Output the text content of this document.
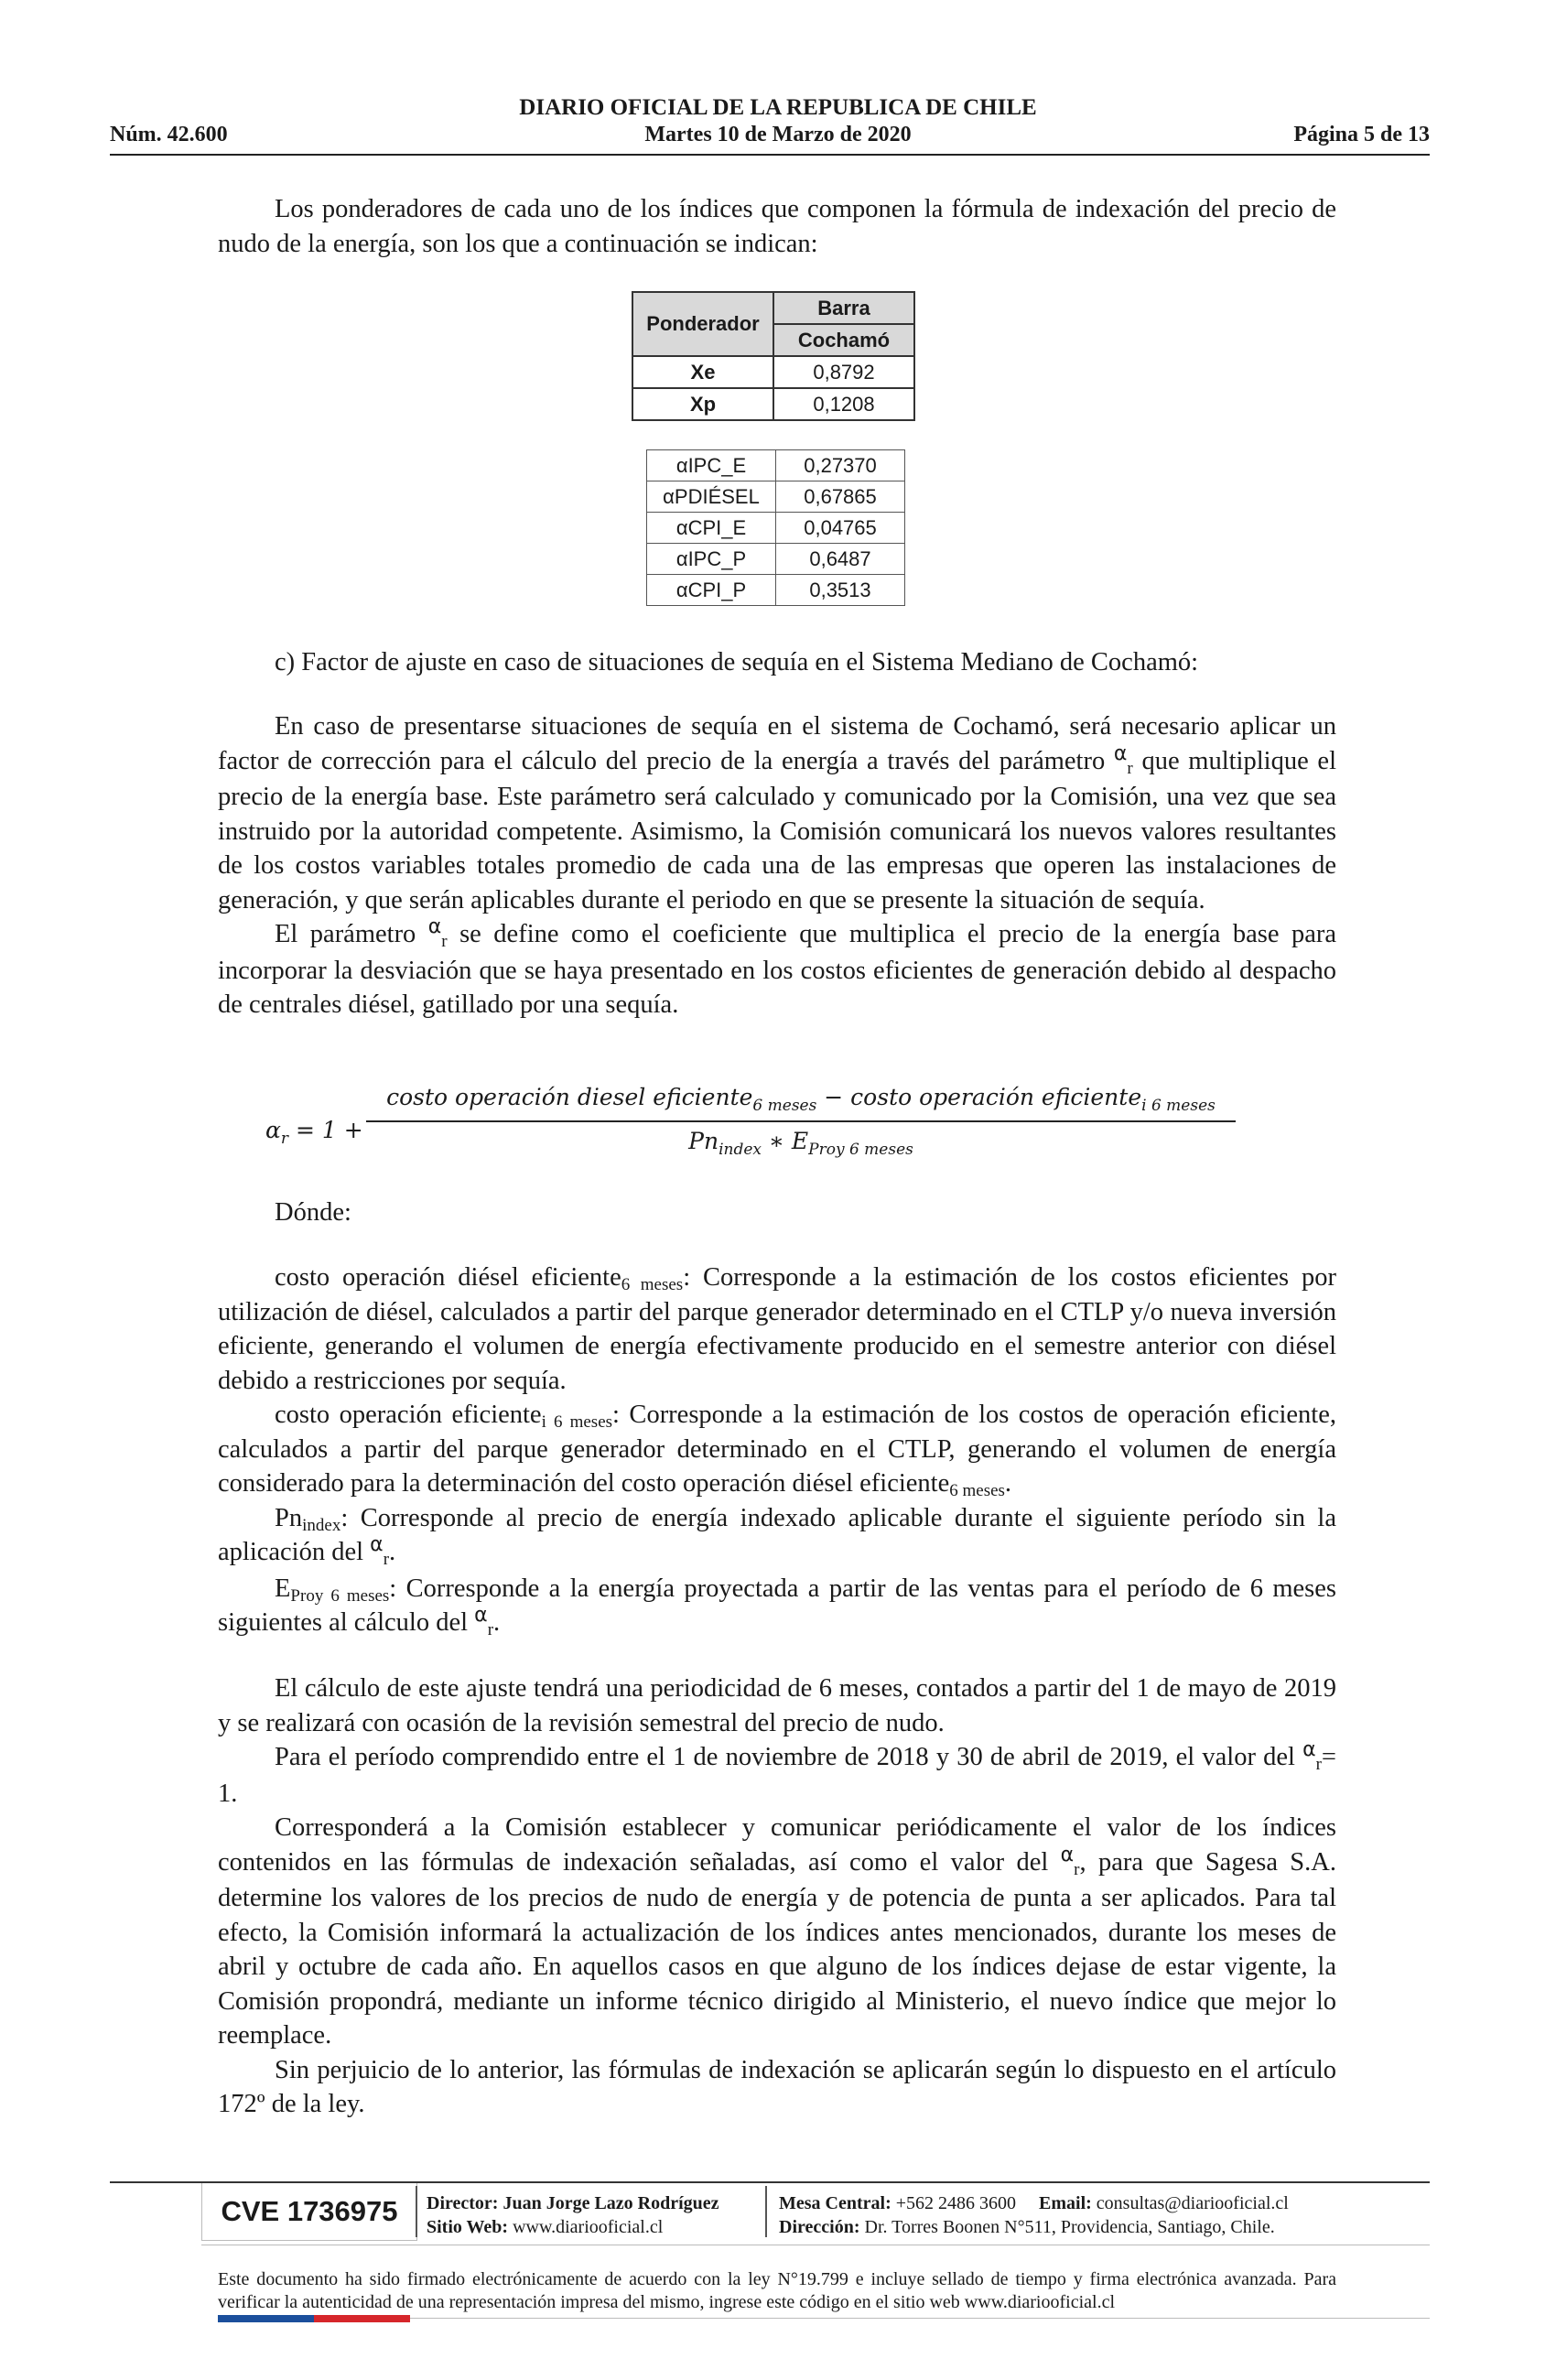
DIARIO OFICIAL DE LA REPUBLICA DE CHILE
Núm. 42.600	Martes 10 de Marzo de 2020	Página 5 de 13
Los ponderadores de cada uno de los índices que componen la fórmula de indexación del precio de nudo de la energía, son los que a continuación se indican:
Ponderador	Barra
	Cochamó
Xe	0,8792
Xp	0,1208
αIPC_E	0,27370
αPDIÉSEL	0,67865
αCPI_E	0,04765
αIPC_P	0,6487
αCPI_P	0,3513
c) Factor de ajuste en caso de situaciones de sequía en el Sistema Mediano de Cochamó:

En caso de presentarse situaciones de sequía en el sistema de Cochamó, será necesario aplicar un factor de corrección para el cálculo del precio de la energía a través del parámetro $^\alpha_r$ que multiplique el precio de la energía base. Este parámetro será calculado y comunicado por la Comisión, una vez que sea instruido por la autoridad competente. Asimismo, la Comisión comunicará los nuevos valores resultantes de los costos variables totales promedio de cada una de las empresas que operen las instalaciones de generación, y que serán aplicables durante el periodo en que se presente la situación de sequía.

El parámetro $^\alpha_r$ se define como el coeficiente que multiplica el precio de la energía base para incorporar la desviación que se haya presentado en los costos eficientes de generación debido al despacho de centrales diésel, gatillado por una sequía.

$\alpha_r = 1$ +
costo operación diesel eficiente$_{6 meses}$ − costo operación eficiente$_{i 6 meses}$
$Pn_{index}$ ∗ $E_{Proy 6 meses}$
Dónde:

costo operación diésel eficiente$_{6 meses}$: Corresponde a la estimación de los costos eficientes por utilización de diésel, calculados a partir del parque generador determinado en el CTLP y/o nueva inversión eficiente, generando el volumen de energía efectivamente producido en el semestre anterior con diésel debido a restricciones por sequía.

costo operación eficiente$_{i 6 meses}$: Corresponde a la estimación de los costos de operación eficiente, calculados a partir del parque generador determinado en el CTLP, generando el volumen de energía considerado para la determinación del costo operación diésel eficiente$_{6 meses}$.

$Pn_{index}$: Corresponde al precio de energía indexado aplicable durante el siguiente período sin la aplicación del $^\alpha_r$.

$E_{Proy 6 meses}$: Corresponde a la energía proyectada a partir de las ventas para el período de 6 meses siguientes al cálculo del $^\alpha_r$.

El cálculo de este ajuste tendrá una periodicidad de 6 meses, contados a partir del 1 de mayo de 2019 y se realizará con ocasión de la revisión semestral del precio de nudo.

Para el período comprendido entre el 1 de noviembre de 2018 y 30 de abril de 2019, el valor del $^\alpha_r$= 1.

Corresponderá a la Comisión establecer y comunicar periódicamente el valor de los índices contenidos en las fórmulas de indexación señaladas, así como el valor del $^\alpha_r$, para que Sagesa S.A. determine los valores de los precios de nudo de energía y de potencia de punta a ser aplicados. Para tal efecto, la Comisión informará la actualización de los índices antes mencionados, durante los meses de abril y octubre de cada año. En aquellos casos en que alguno de los índices dejase de estar vigente, la Comisión propondrá, mediante un informe técnico dirigido al Ministerio, el nuevo índice que mejor lo reemplace.

Sin perjuicio de lo anterior, las fórmulas de indexación se aplicarán según lo dispuesto en el artículo 172º de la ley.

CVE 1736975	Director: Juan Jorge Lazo Rodríguez
Sitio Web: www.diariooficial.cl
Mesa Central: +562 2486 3600 Email: consultas@diariooficial.cl
Dirección: Dr. Torres Boonen N°511, Providencia, Santiago, Chile.
Este documento ha sido firmado electrónicamente de acuerdo con la ley N°19.799 e incluye sellado de tiempo y firma electrónica avanzada. Para verificar la autenticidad de una representación impresa del mismo, ingrese este código en el sitio web www.diariooficial.cl
